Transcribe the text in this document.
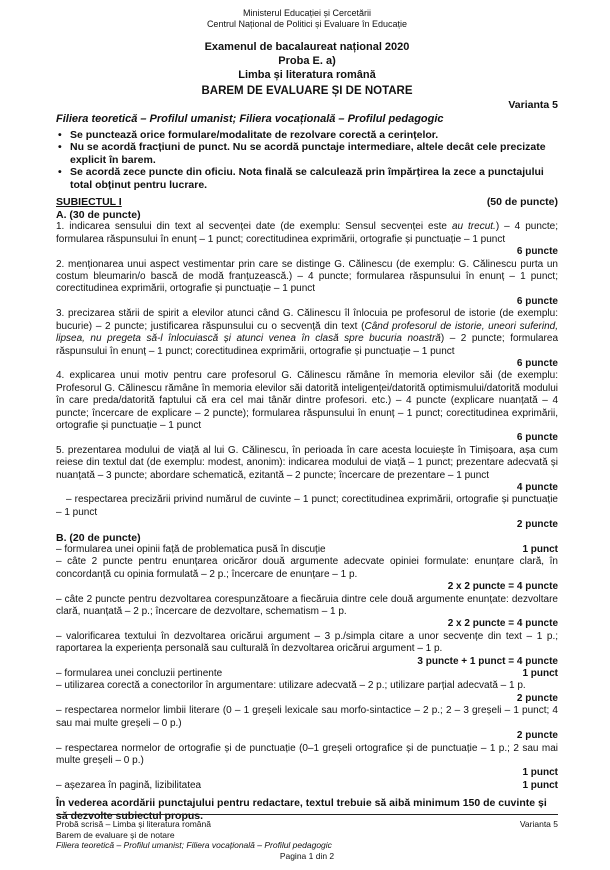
Ministerul Educației și Cercetării
Centrul Național de Politici și Evaluare în Educație
Examenul de bacalaureat național 2020
Proba E. a)
Limba și literatura română
BAREM DE EVALUARE ȘI DE NOTARE
Varianta 5
Filiera teoretică – Profilul umanist; Filiera vocațională – Profilul pedagogic
• Se punctează orice formulare/modalitate de rezolvare corectă a cerințelor.
• Nu se acordă fracțiuni de punct. Nu se acordă punctaje intermediare, altele decât cele precizate explicit în barem.
• Se acordă zece puncte din oficiu. Nota finală se calculează prin împărțirea la zece a punctajului total obținut pentru lucrare.
SUBIECTUL I	(50 de puncte)
A. (30 de puncte)

1. indicarea sensului din text al secvenței date (de exemplu: Sensul secvenței este au trecut.) – 4 puncte; formularea răspunsului în enunț – 1 punct; corectitudinea exprimării, ortografie și punctuație – 1 punct

6 puncte

2. menționarea unui aspect vestimentar prin care se distinge G. Călinescu (de exemplu: G. Călinescu purta un costum bleumarin/o bască de modă franțuzească.) – 4 puncte; formularea răspunsului în enunț – 1 punct; corectitudinea exprimării, ortografie și punctuație – 1 punct

6 puncte

3. precizarea stării de spirit a elevilor atunci când G. Călinescu îl înlocuia pe profesorul de istorie (de exemplu: bucurie) – 2 puncte; justificarea răspunsului cu o secvență din text (Când profesorul de istorie, uneori suferind, lipsea, nu pregeta să-l înlocuiască și atunci venea în clasă spre bucuria noastră) – 2 puncte; formularea răspunsului în enunț – 1 punct; corectitudinea exprimării, ortografie și punctuație – 1 punct

6 puncte

4. explicarea unui motiv pentru care profesorul G. Călinescu rămâne în memoria elevilor săi (de exemplu: Profesorul G. Călinescu rămâne în memoria elevilor săi datorită inteligenței/datorită optimismului/datorită modului în care preda/datorită faptului că era cel mai tânăr dintre profesori. etc.) – 4 puncte (explicare nuanțată – 4 puncte; încercare de explicare – 2 puncte); formularea răspunsului în enunț – 1 punct; corectitudinea exprimării, ortografie și punctuație – 1 punct

6 puncte

5. prezentarea modului de viață al lui G. Călinescu, în perioada în care acesta locuiește în Timișoara, așa cum reiese din textul dat (de exemplu: modest, anonim): indicarea modului de viață – 1 punct; prezentare adecvată și nuanțată – 3 puncte; abordare schematică, ezitantă – 2 puncte; încercare de prezentare – 1 punct

4 puncte

– respectarea precizării privind numărul de cuvinte – 1 punct; corectitudinea exprimării, ortografie și punctuație – 1 punct

2 puncte
B. (20 de puncte)
– formularea unei opinii față de problematica pusă în discuție	1 punct

– câte 2 puncte pentru enunțarea oricăror două argumente adecvate opiniei formulate: enunțare clară, în concordanță cu opinia formulată – 2 p.; încercare de enunțare – 1 p.

2 x 2 puncte = 4 puncte

– câte 2 puncte pentru dezvoltarea corespunzătoare a fiecăruia dintre cele două argumente enunțate: dezvoltare clară, nuanțată – 2 p.; încercare de dezvoltare, schematism – 1 p.

2 x 2 puncte = 4 puncte

– valorificarea textului în dezvoltarea oricărui argument – 3 p./simpla citare a unor secvențe din text – 1 p.; raportarea la experiența personală sau culturală în dezvoltarea oricărui argument – 1 p.

3 puncte + 1 punct = 4 puncte
– formularea unei concluzii pertinente	1 punct

– utilizarea corectă a conectorilor în argumentare: utilizare adecvată – 2 p.; utilizare parțial adecvată – 1 p.

2 puncte

– respectarea normelor limbii literare (0 – 1 greșeli lexicale sau morfo-sintactice – 2 p.; 2 – 3 greșeli – 1 punct; 4 sau mai multe greșeli – 0 p.)

2 puncte

– respectarea normelor de ortografie și de punctuație (0–1 greșeli ortografice și de punctuație – 1 p.; 2 sau mai multe greșeli – 0 p.)

1 punct
– așezarea în pagină, lizibilitatea	1 punct
În vederea acordării punctajului pentru redactare, textul trebuie să aibă minimum 150 de cuvinte și să dezvolte subiectul propus.
Probă scrisă – Limba și literatura română	Varianta 5
Barem de evaluare și de notare
Filiera teoretică – Profilul umanist; Filiera vocațională – Profilul pedagogic
Pagina 1 din 2
